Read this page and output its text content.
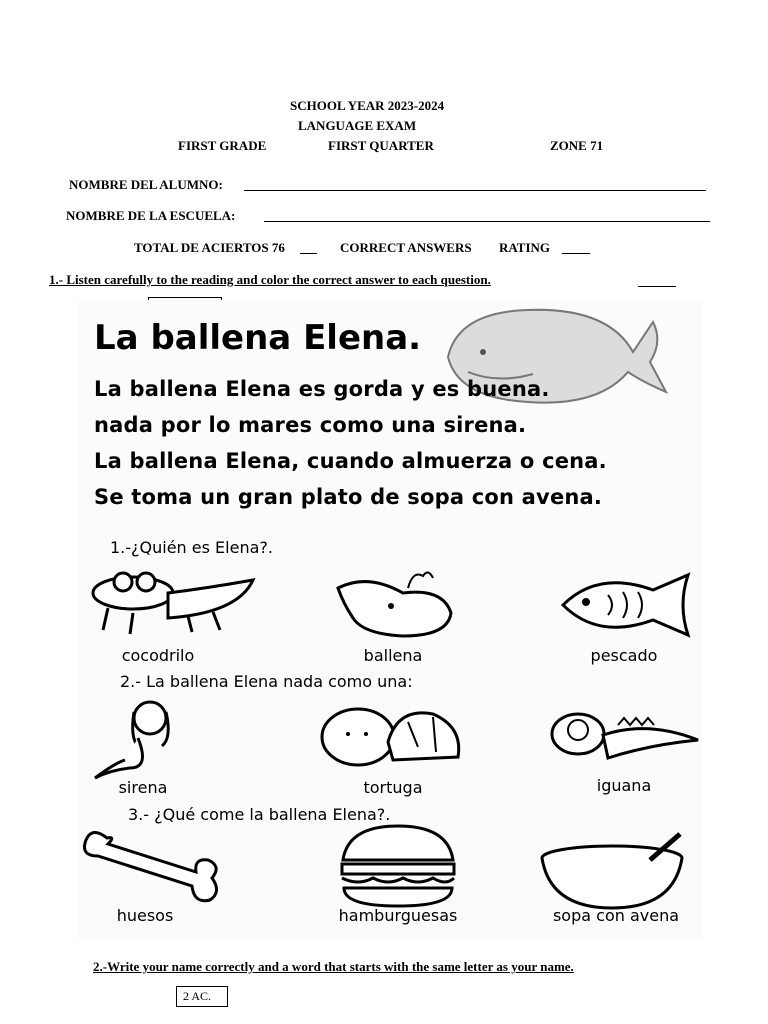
SCHOOL YEAR 2023-2024
LANGUAGE EXAM
FIRST GRADE	FIRST QUARTER	ZONE 71
NOMBRE DEL ALUMNO:
NOMBRE DE LA ESCUELA:
TOTAL DE ACIERTOS 76	CORRECT ANSWERS RATING
1.- Listen carefully to the reading and color the correct answer to each question.
La ballena Elena.
La ballena Elena es gorda y es buena.
nada por lo mares como una sirena.
La ballena Elena, cuando almuerza o cena.
Se toma un gran plato de sopa con avena.
1.-¿Quién es Elena?.
cocodrilo	ballena	pescado
2.- La ballena Elena nada como una:
sirena	tortuga	iguana
3.- ¿Qué come la ballena Elena?.
huesos	hamburguesas	sopa con avena
2.-Write your name correctly and a word that starts with the same letter as your name.
2 AC.
